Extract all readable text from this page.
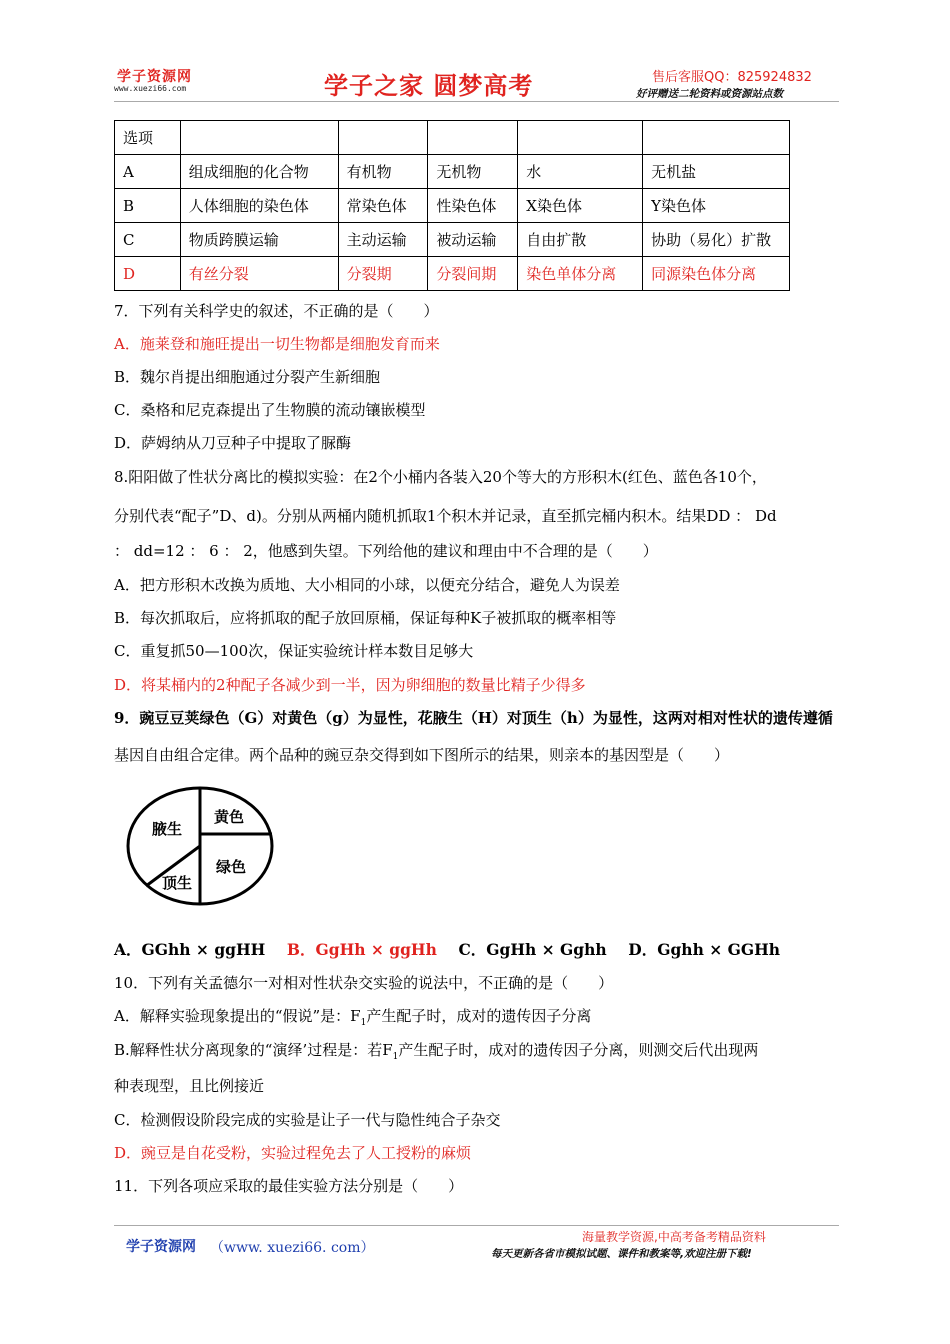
学子资源网
www.xuezi66.com	学子之家 圆梦高考	售后客服QQ：825924832
好评赠送二轮资料或资源站点数
选项					
A	组成细胞的化合物	有机物	无机物	水	无机盐
B	人体细胞的染色体	常染色体	性染色体	X染色体	Y染色体
C	物质跨膜运输	主动运输	被动运输	自由扩散	协助（易化）扩散
D	有丝分裂	分裂期	分裂间期	染色单体分离	同源染色体分离
7．下列有关科学史的叙述，不正确的是（　　）
A．施莱登和施旺提出一切生物都是细胞发育而来
B．魏尔肖提出细胞通过分裂产生新细胞
C．桑格和尼克森提出了生物膜的流动镶嵌模型
D．萨姆纳从刀豆种子中提取了脲酶
8.阳阳做了性状分离比的模拟实验：在2个小桶内各装入20个等大的方形积木(红色、蓝色各10个，
分别代表“配子”D、d)。分别从两桶内随机抓取1个积木并记录，直至抓完桶内积木。结果DD ： Dd
： dd=12 ： 6 ： 2，他感到失望。下列给他的建议和理由中不合理的是（　　）
A．把方形积木改换为质地、大小相同的小球，以便充分结合，避免人为误差
B．每次抓取后，应将抓取的配子放回原桶，保证每种K子被抓取的概率相等
C．重复抓50—100次，保证实验统计样本数目足够大
D．将某桶内的2种配子各减少到一半，因为卵细胞的数量比精子少得多
9．豌豆豆荚绿色（G）对黄色（g）为显性，花腋生（H）对顶生（h）为显性，这两对相对性状的遗传遵循
基因自由组合定律。两个品种的豌豆杂交得到如下图所示的结果，则亲本的基因型是（　　）
腋生
黄色
绿色
顶生
A．GGhh × ggHH B．GgHh × ggHh C．GgHh × Gghh D．Gghh × GGHh
10．下列有关孟德尔一对相对性状杂交实验的说法中，不正确的是（　　）
A．解释实验现象提出的“假说”是：$F_1$产生配子时，成对的遗传因子分离
B.解释性状分离现象的“演绎’过程是：若$F_1$产生配子时，成对的遗传因子分离，则测交后代出现两
种表现型，且比例接近
C．检测假设阶段完成的实验是让子一代与隐性纯合子杂交
D．豌豆是自花受粉，实验过程免去了人工授粉的麻烦
11．下列各项应采取的最佳实验方法分别是（　　）
学子资源网 （www. xuezi66. com）
海量教学资源,中高考备考精品资料
每天更新各省市模拟试题、课件和教案等,欢迎注册下载!
